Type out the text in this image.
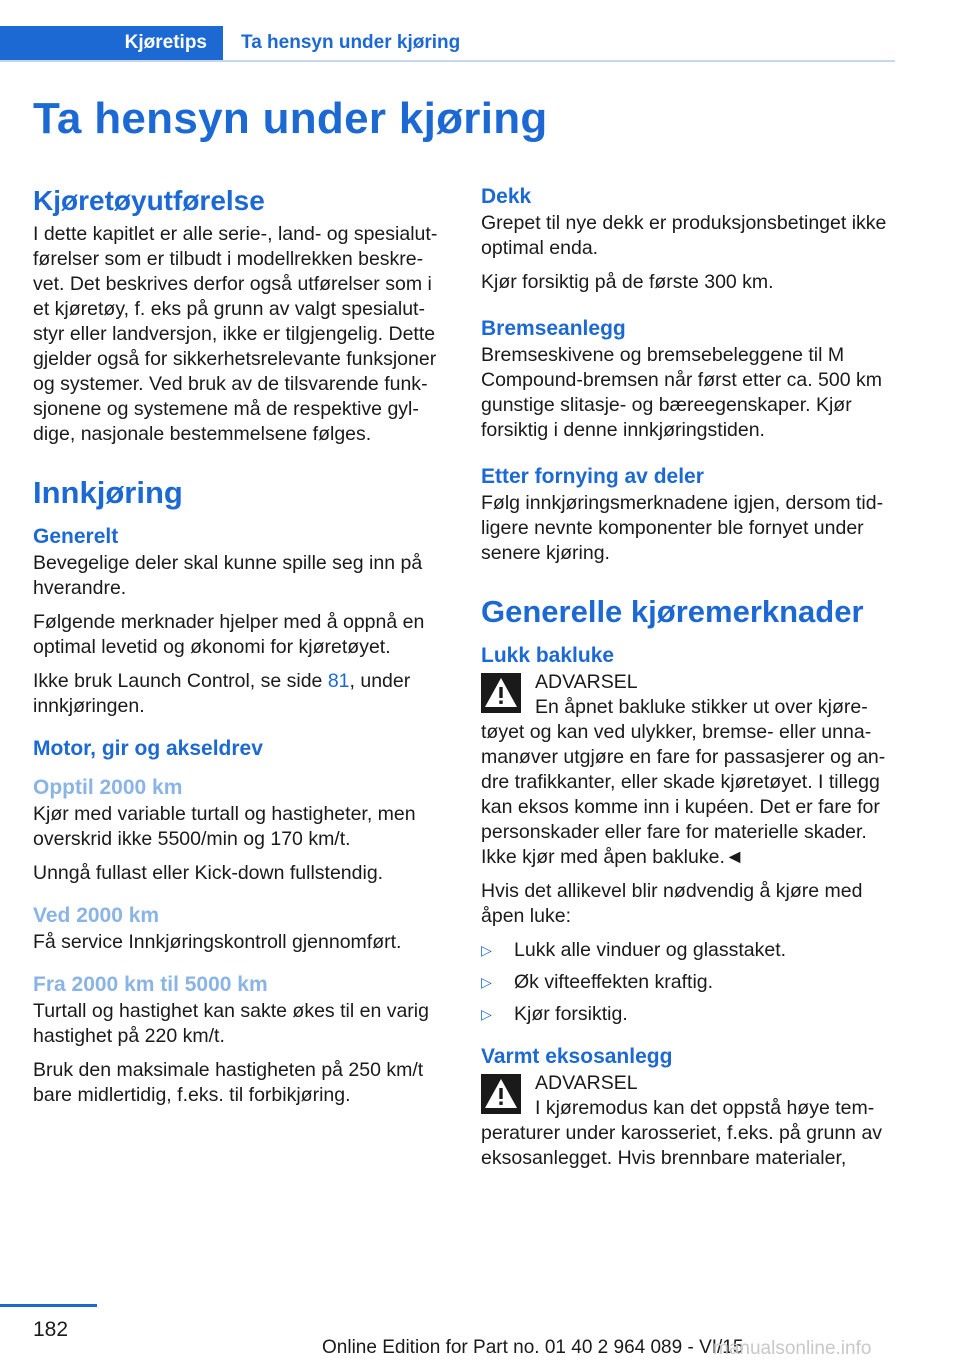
Kjøretips Ta hensyn under kjøring
Ta hensyn under kjøring
Kjøretøyutførelse

I dette kapitlet er alle serie-, land- og spesialutførelser som er tilbudt i modellrekken beskrevet. Det beskrives derfor også utførelser som i et kjøretøy, f. eks på grunn av valgt spesialutstyr eller landversjon, ikke er tilgjengelig. Dette gjelder også for sikkerhetsrelevante funksjoner og systemer. Ved bruk av de tilsvarende funksjonene og systemene må de respektive gyldige, nasjonale bestemmelsene følges.

Innkjøring
Generelt

Bevegelige deler skal kunne spille seg inn på hverandre.

Følgende merknader hjelper med å oppnå en optimal levetid og økonomi for kjøretøyet.

Ikke bruk Launch Control, se side 81, under innkjøringen.

Motor, gir og akseldrev
Opptil 2000 km

Kjør med variable turtall og hastigheter, men overskrid ikke 5500/min og 170 km/t.

Unngå fullast eller Kick-down fullstendig.

Ved 2000 km

Få service Innkjøringskontroll gjennomført.

Fra 2000 km til 5000 km

Turtall og hastighet kan sakte økes til en varig hastighet på 220 km/t.

Bruk den maksimale hastigheten på 250 km/t bare midlertidig, f.eks. til forbikjøring.

Dekk

Grepet til nye dekk er produksjonsbetinget ikke optimal enda.

Kjør forsiktig på de første 300 km.

Bremseanlegg

Bremseskivene og bremsebeleggene til M Compound-bremsen når først etter ca. 500 km gunstige slitasje- og bæreegenskaper. Kjør forsiktig i denne innkjøringstiden.

Etter fornying av deler

Følg innkjøringsmerknadene igjen, dersom tidligere nevnte komponenter ble fornyet under senere kjøring.

Generelle kjøremerknader
Lukk bakluke
ADVARSEL

En åpnet bakluke stikker ut over kjøretøyet og kan ved ulykker, bremse- eller unnamanøver utgjøre en fare for passasjerer og andre trafikkanter, eller skade kjøretøyet. I tillegg kan eksos komme inn i kupéen. Det er fare for personskader eller fare for materielle skader. Ikke kjør med åpen bakluke.◄

Hvis det allikevel blir nødvendig å kjøre med åpen luke:

▷ Lukk alle vinduer og glasstaket.
▷ Øk vifteeffekten kraftig.
▷ Kjør forsiktig.
Varmt eksosanlegg
ADVARSEL

I kjøremodus kan det oppstå høye temperaturer under karosseriet, f.eks. på grunn av eksosanlegget. Hvis brennbare materialer,

182
Online Edition for Part no. 01 40 2 964 089 - VI/15
manualsonline.info
